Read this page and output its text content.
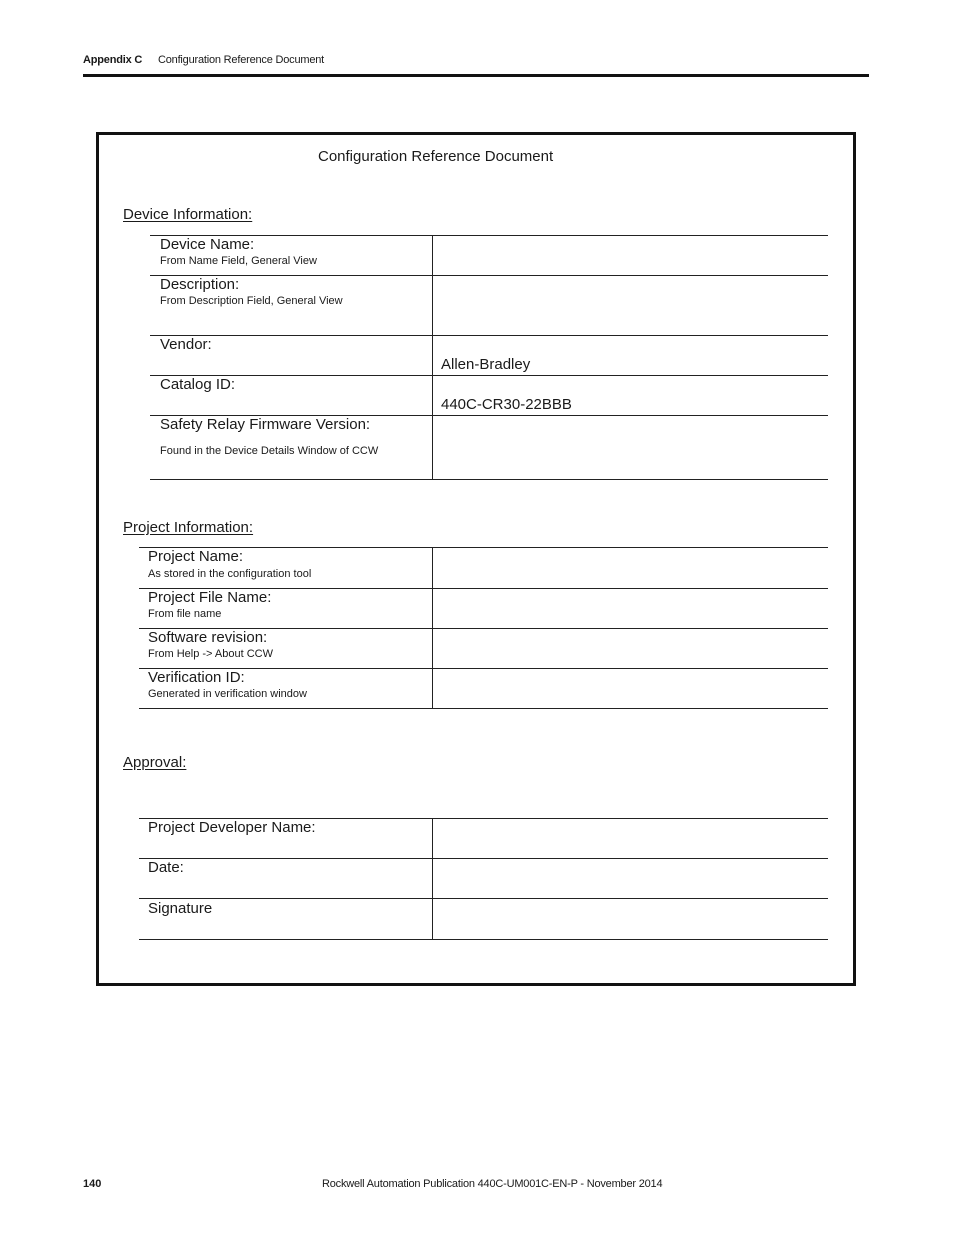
Appendix C Configuration Reference Document
Configuration Reference Document
Device Information:
Device Name:
From Name Field, General View
Description:
From Description Field, General View
Vendor:
Allen-Bradley
Catalog ID:
440C-CR30-22BBB
Safety Relay Firmware Version:
Found in the Device Details Window of CCW
Project Information:
Project Name:
As stored in the configuration tool
Project File Name:
From file name
Software revision:
From Help -> About CCW
Verification ID:
Generated in verification window
Approval:
Project Developer Name:
Date:
Signature
140	Rockwell Automation Publication 440C-UM001C-EN-P - November 2014
